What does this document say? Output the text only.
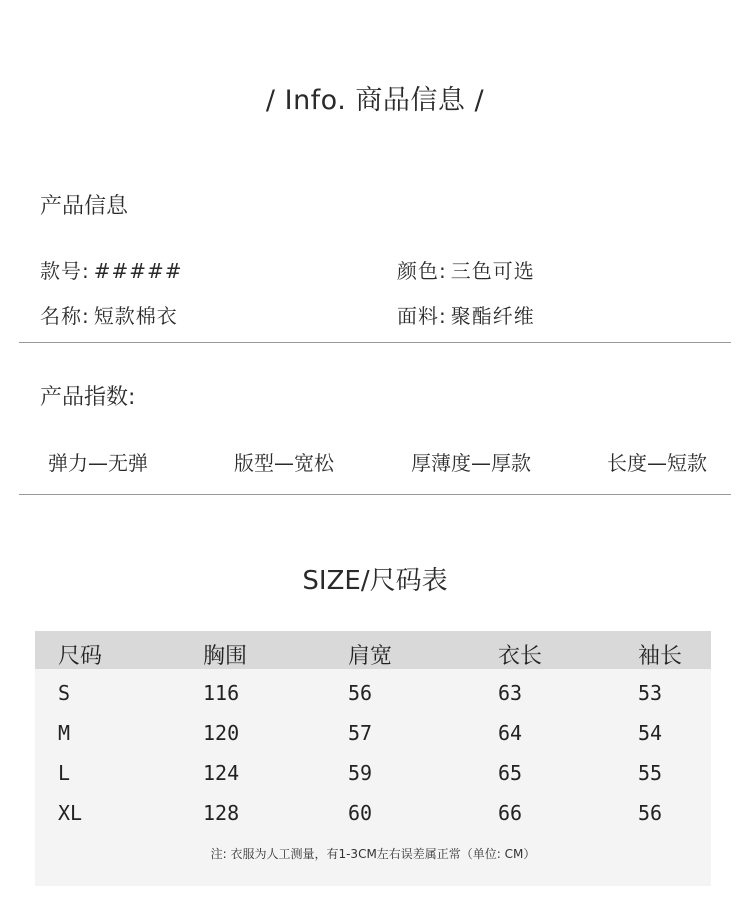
/ Info. 商品信息 /
产品信息
款号: #####	颜色: 三色可选
名称: 短款棉衣	面料: 聚酯纤维
产品指数:
弹力—无弹	版型—宽松	厚薄度—厚款	长度—短款
SIZE/尺码表
尺码	胸围	肩宽	衣长	袖长
S	116	56	63	53
M	120	57	64	54
L	124	59	65	55
XL	128	60	66	56
注: 衣服为人工测量，有1-3CM左右误差属正常（单位: CM）
